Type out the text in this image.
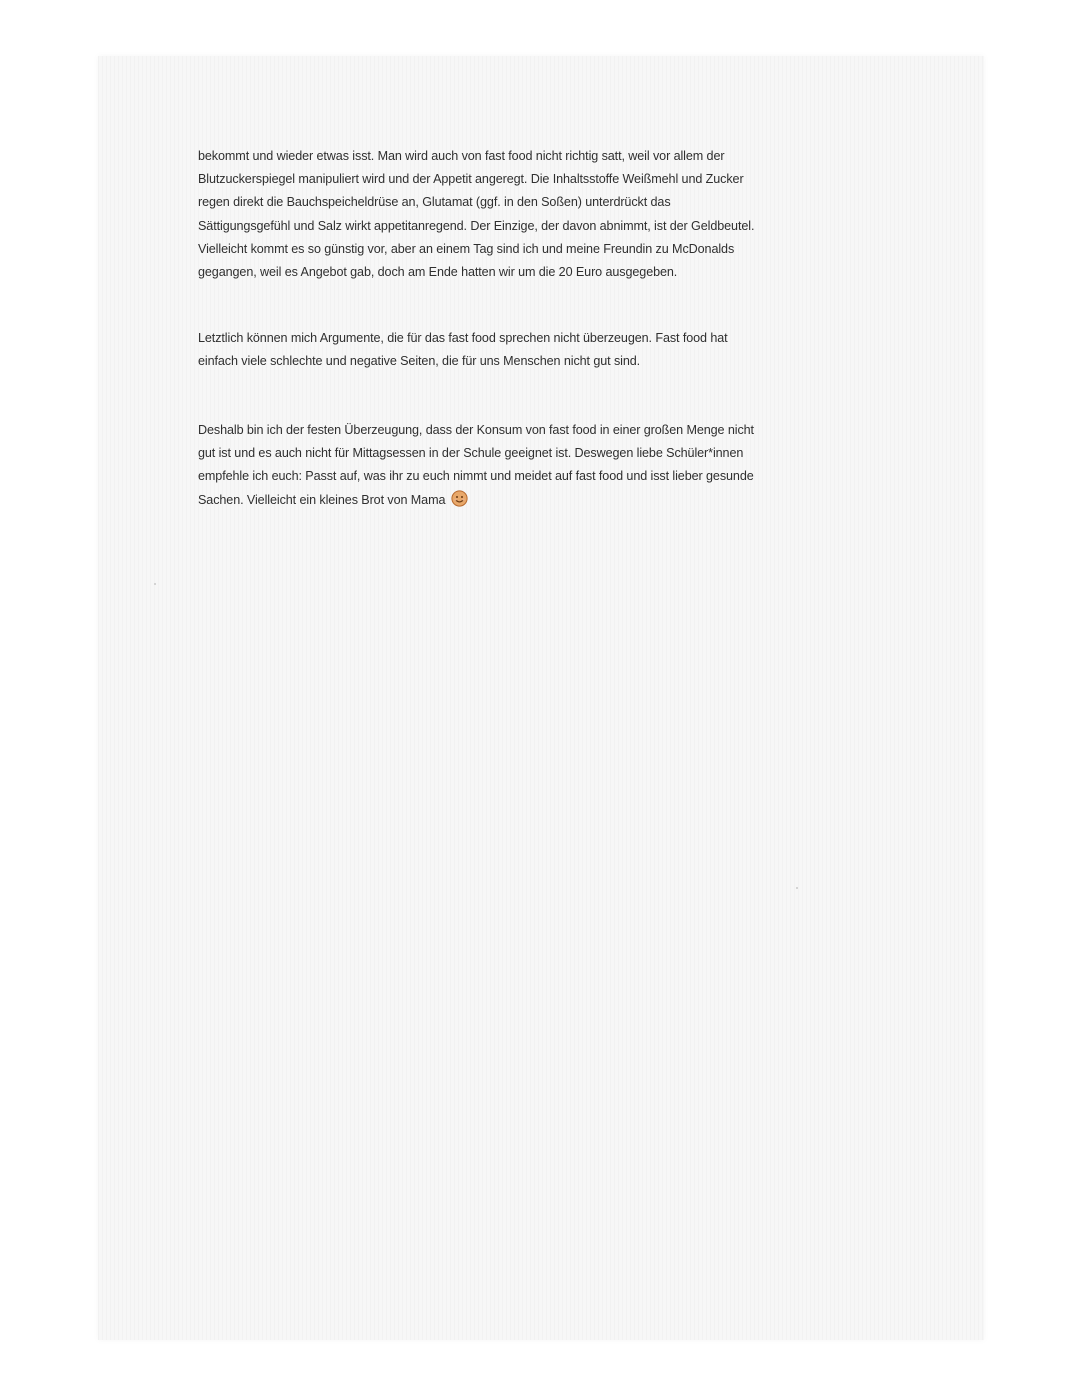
bekommt und wieder etwas isst. Man wird auch von fast food nicht richtig satt, weil vor allem der
Blutzuckerspiegel manipuliert wird und der Appetit angeregt. Die Inhaltsstoffe Weißmehl und Zucker
regen direkt die Bauchspeicheldrüse an, Glutamat (ggf. in den Soßen) unterdrückt das
Sättigungsgefühl und Salz wirkt appetitanregend. Der Einzige, der davon abnimmt, ist der Geldbeutel.
Vielleicht kommt es so günstig vor, aber an einem Tag sind ich und meine Freundin zu McDonalds
gegangen, weil es Angebot gab, doch am Ende hatten wir um die 20 Euro ausgegeben.
Letztlich können mich Argumente, die für das fast food sprechen nicht überzeugen. Fast food hat
einfach viele schlechte und negative Seiten, die für uns Menschen nicht gut sind.
Deshalb bin ich der festen Überzeugung, dass der Konsum von fast food in einer großen Menge nicht
gut ist und es auch nicht für Mittagsessen in der Schule geeignet ist. Deswegen liebe Schüler*innen
empfehle ich euch: Passt auf, was ihr zu euch nimmt und meidet auf fast food und isst lieber gesunde
Sachen. Vielleicht ein kleines Brot von Mama
